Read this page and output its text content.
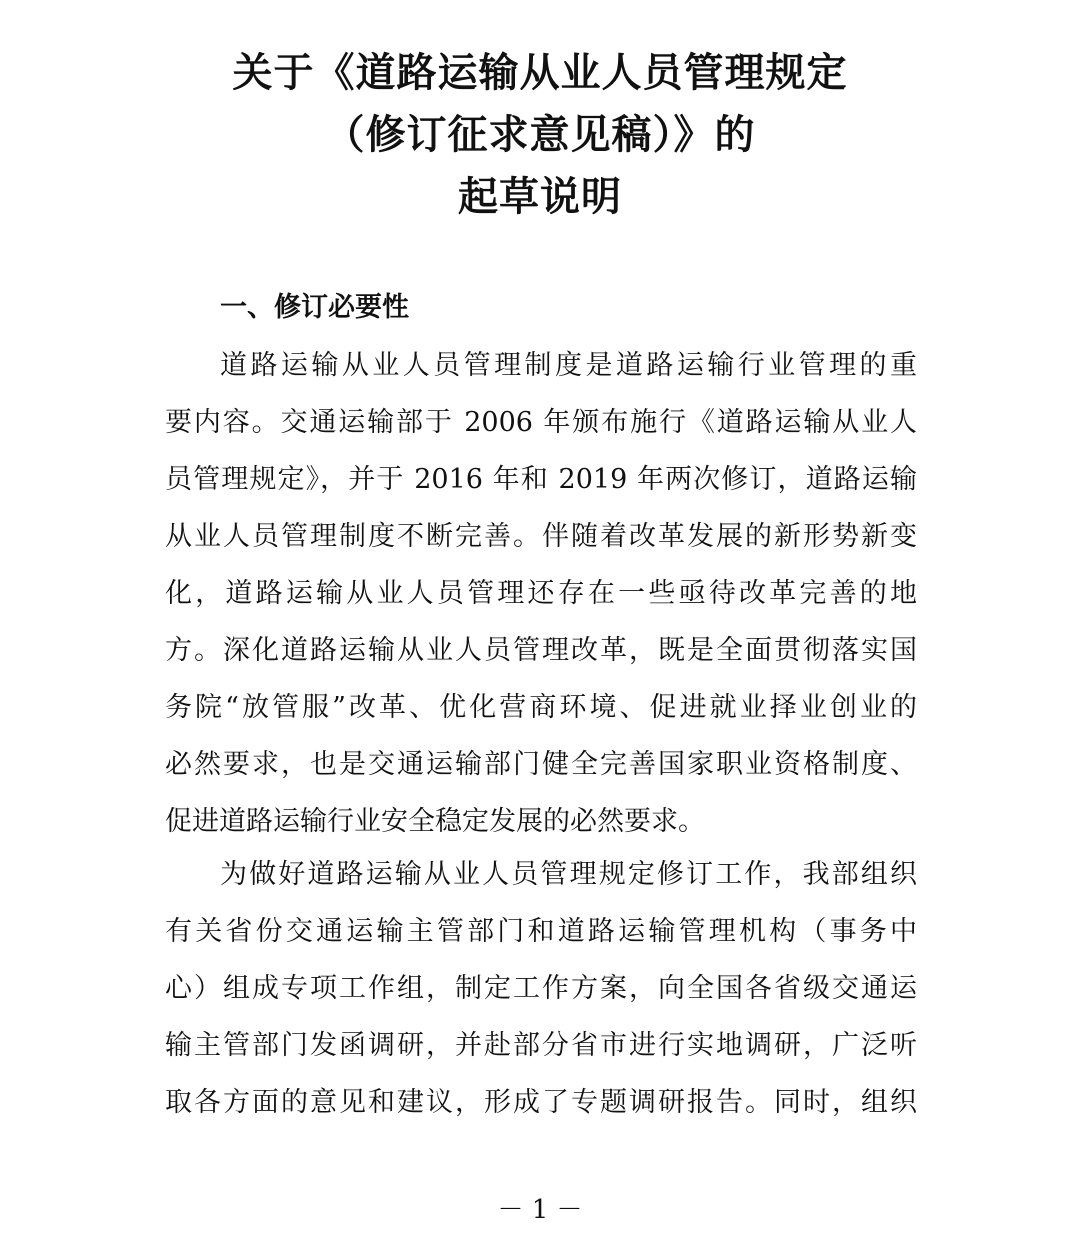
关于《道路运输从业人员管理规定
（修订征求意见稿）》的
起草说明
一、修订必要性
道路运输从业人员管理制度是道路运输行业管理的重
要内容。交通运输部于 2006 年颁布施行《道路运输从业人
员管理规定》，并于 2016 年和 2019 年两次修订，道路运输
从业人员管理制度不断完善。伴随着改革发展的新形势新变
化，道路运输从业人员管理还存在一些亟待改革完善的地
方。深化道路运输从业人员管理改革，既是全面贯彻落实国
务院“放管服”改革、优化营商环境、促进就业择业创业的
必然要求，也是交通运输部门健全完善国家职业资格制度、
促进道路运输行业安全稳定发展的必然要求。
为做好道路运输从业人员管理规定修订工作，我部组织
有关省份交通运输主管部门和道路运输管理机构（事务中
心）组成专项工作组，制定工作方案，向全国各省级交通运
输主管部门发函调研，并赴部分省市进行实地调研，广泛听
取各方面的意见和建议，形成了专题调研报告。同时，组织
－ 1 －
